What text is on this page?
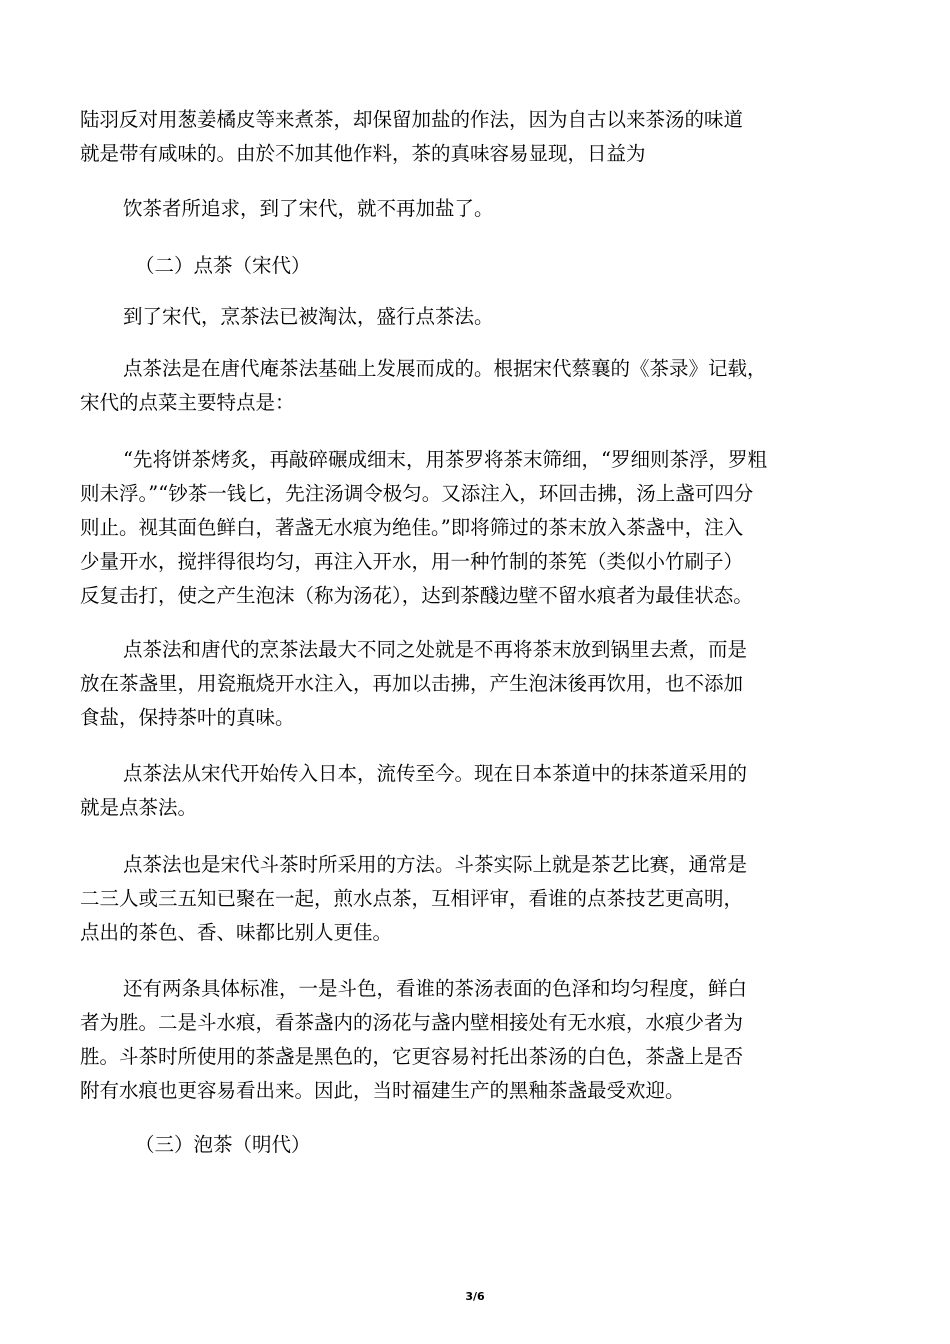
陆羽反对用葱姜橘皮等来煮茶，却保留加盐的作法，因为自古以来茶汤的味道
就是带有咸味的。由於不加其他作料，茶的真味容易显现，日益为
饮茶者所追求，到了宋代，就不再加盐了。
（二）点茶（宋代）
到了宋代，烹茶法已被淘汰，盛行点茶法。
点茶法是在唐代庵茶法基础上发展而成的。根据宋代蔡襄的《茶录》记载，
宋代的点菜主要特点是：
“先将饼茶烤炙，再敲碎碾成细末，用茶罗将茶末筛细，“罗细则茶浮，罗粗
则未浮。”“钞茶一钱匕，先注汤调令极匀。又添注入，环回击拂，汤上盏可四分
则止。视其面色鲜白，著盏无水痕为绝佳。”即将筛过的茶末放入茶盏中，注入
少量开水，搅拌得很均匀，再注入开水，用一种竹制的茶筅（类似小竹刷子）
反复击打，使之产生泡沫（称为汤花），达到茶醆边壁不留水痕者为最佳状态。
点茶法和唐代的烹茶法最大不同之处就是不再将茶末放到锅里去煮，而是
放在茶盏里，用瓷瓶烧开水注入，再加以击拂，产生泡沫後再饮用，也不添加
食盐，保持茶叶的真味。
点茶法从宋代开始传入日本，流传至今。现在日本茶道中的抹茶道采用的
就是点茶法。
点茶法也是宋代斗茶时所采用的方法。斗茶实际上就是茶艺比赛，通常是
二三人或三五知已聚在一起，煎水点茶，互相评审，看谁的点茶技艺更高明，
点出的茶色、香、味都比别人更佳。
还有两条具体标准，一是斗色，看谁的茶汤表面的色泽和均匀程度，鲜白
者为胜。二是斗水痕，看茶盏内的汤花与盏内壁相接处有无水痕，水痕少者为
胜。斗茶时所使用的茶盏是黑色的，它更容易衬托出茶汤的白色，茶盏上是否
附有水痕也更容易看出来。因此，当时福建生产的黑釉茶盏最受欢迎。
（三）泡茶（明代）
3/6
